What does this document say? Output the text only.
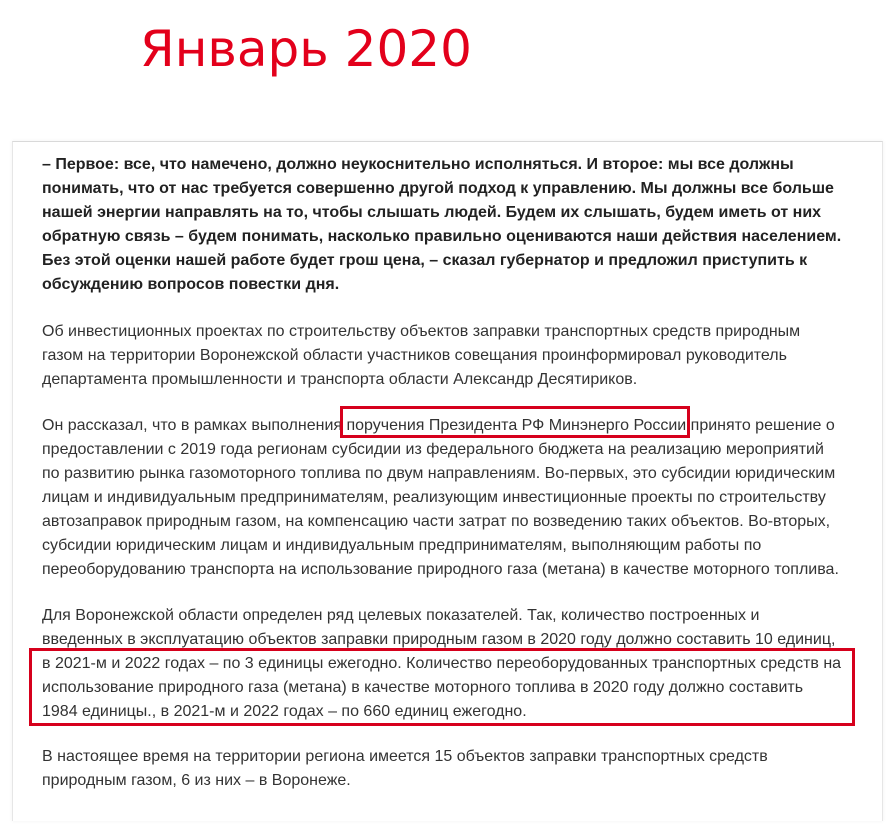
Январь 2020
– Первое: все, что намечено, должно неукоснительно исполняться. И второе: мы все должны
понимать, что от нас требуется совершенно другой подход к управлению. Мы должны все больше
нашей энергии направлять на то, чтобы слышать людей. Будем их слышать, будем иметь от них
обратную связь – будем понимать, насколько правильно оцениваются наши действия населением.
Без этой оценки нашей работе будет грош цена, – сказал губернатор и предложил приступить к
обсуждению вопросов повестки дня.
Об инвестиционных проектах по строительству объектов заправки транспортных средств природным
газом на территории Воронежской области участников совещания проинформировал руководитель
департамента промышленности и транспорта области Александр Десятириков.
Он рассказал, что в рамках выполнения поручения Президента РФ Минэнерго России принято решение о
предоставлении с 2019 года регионам субсидии из федерального бюджета на реализацию мероприятий
по развитию рынка газомоторного топлива по двум направлениям. Во-первых, это субсидии юридическим
лицам и индивидуальным предпринимателям, реализующим инвестиционные проекты по строительству
автозаправок природным газом, на компенсацию части затрат по возведению таких объектов. Во-вторых,
субсидии юридическим лицам и индивидуальным предпринимателям, выполняющим работы по
переоборудованию транспорта на использование природного газа (метана) в качестве моторного топлива.
Для Воронежской области определен ряд целевых показателей. Так, количество построенных и
введенных в эксплуатацию объектов заправки природным газом в 2020 году должно составить 10 единиц,
в 2021-м и 2022 годах – по 3 единицы ежегодно. Количество переоборудованных транспортных средств на
использование природного газа (метана) в качестве моторного топлива в 2020 году должно составить
1984 единицы., в 2021-м и 2022 годах – по 660 единиц ежегодно.
В настоящее время на территории региона имеется 15 объектов заправки транспортных средств
природным газом, 6 из них – в Воронеже.
